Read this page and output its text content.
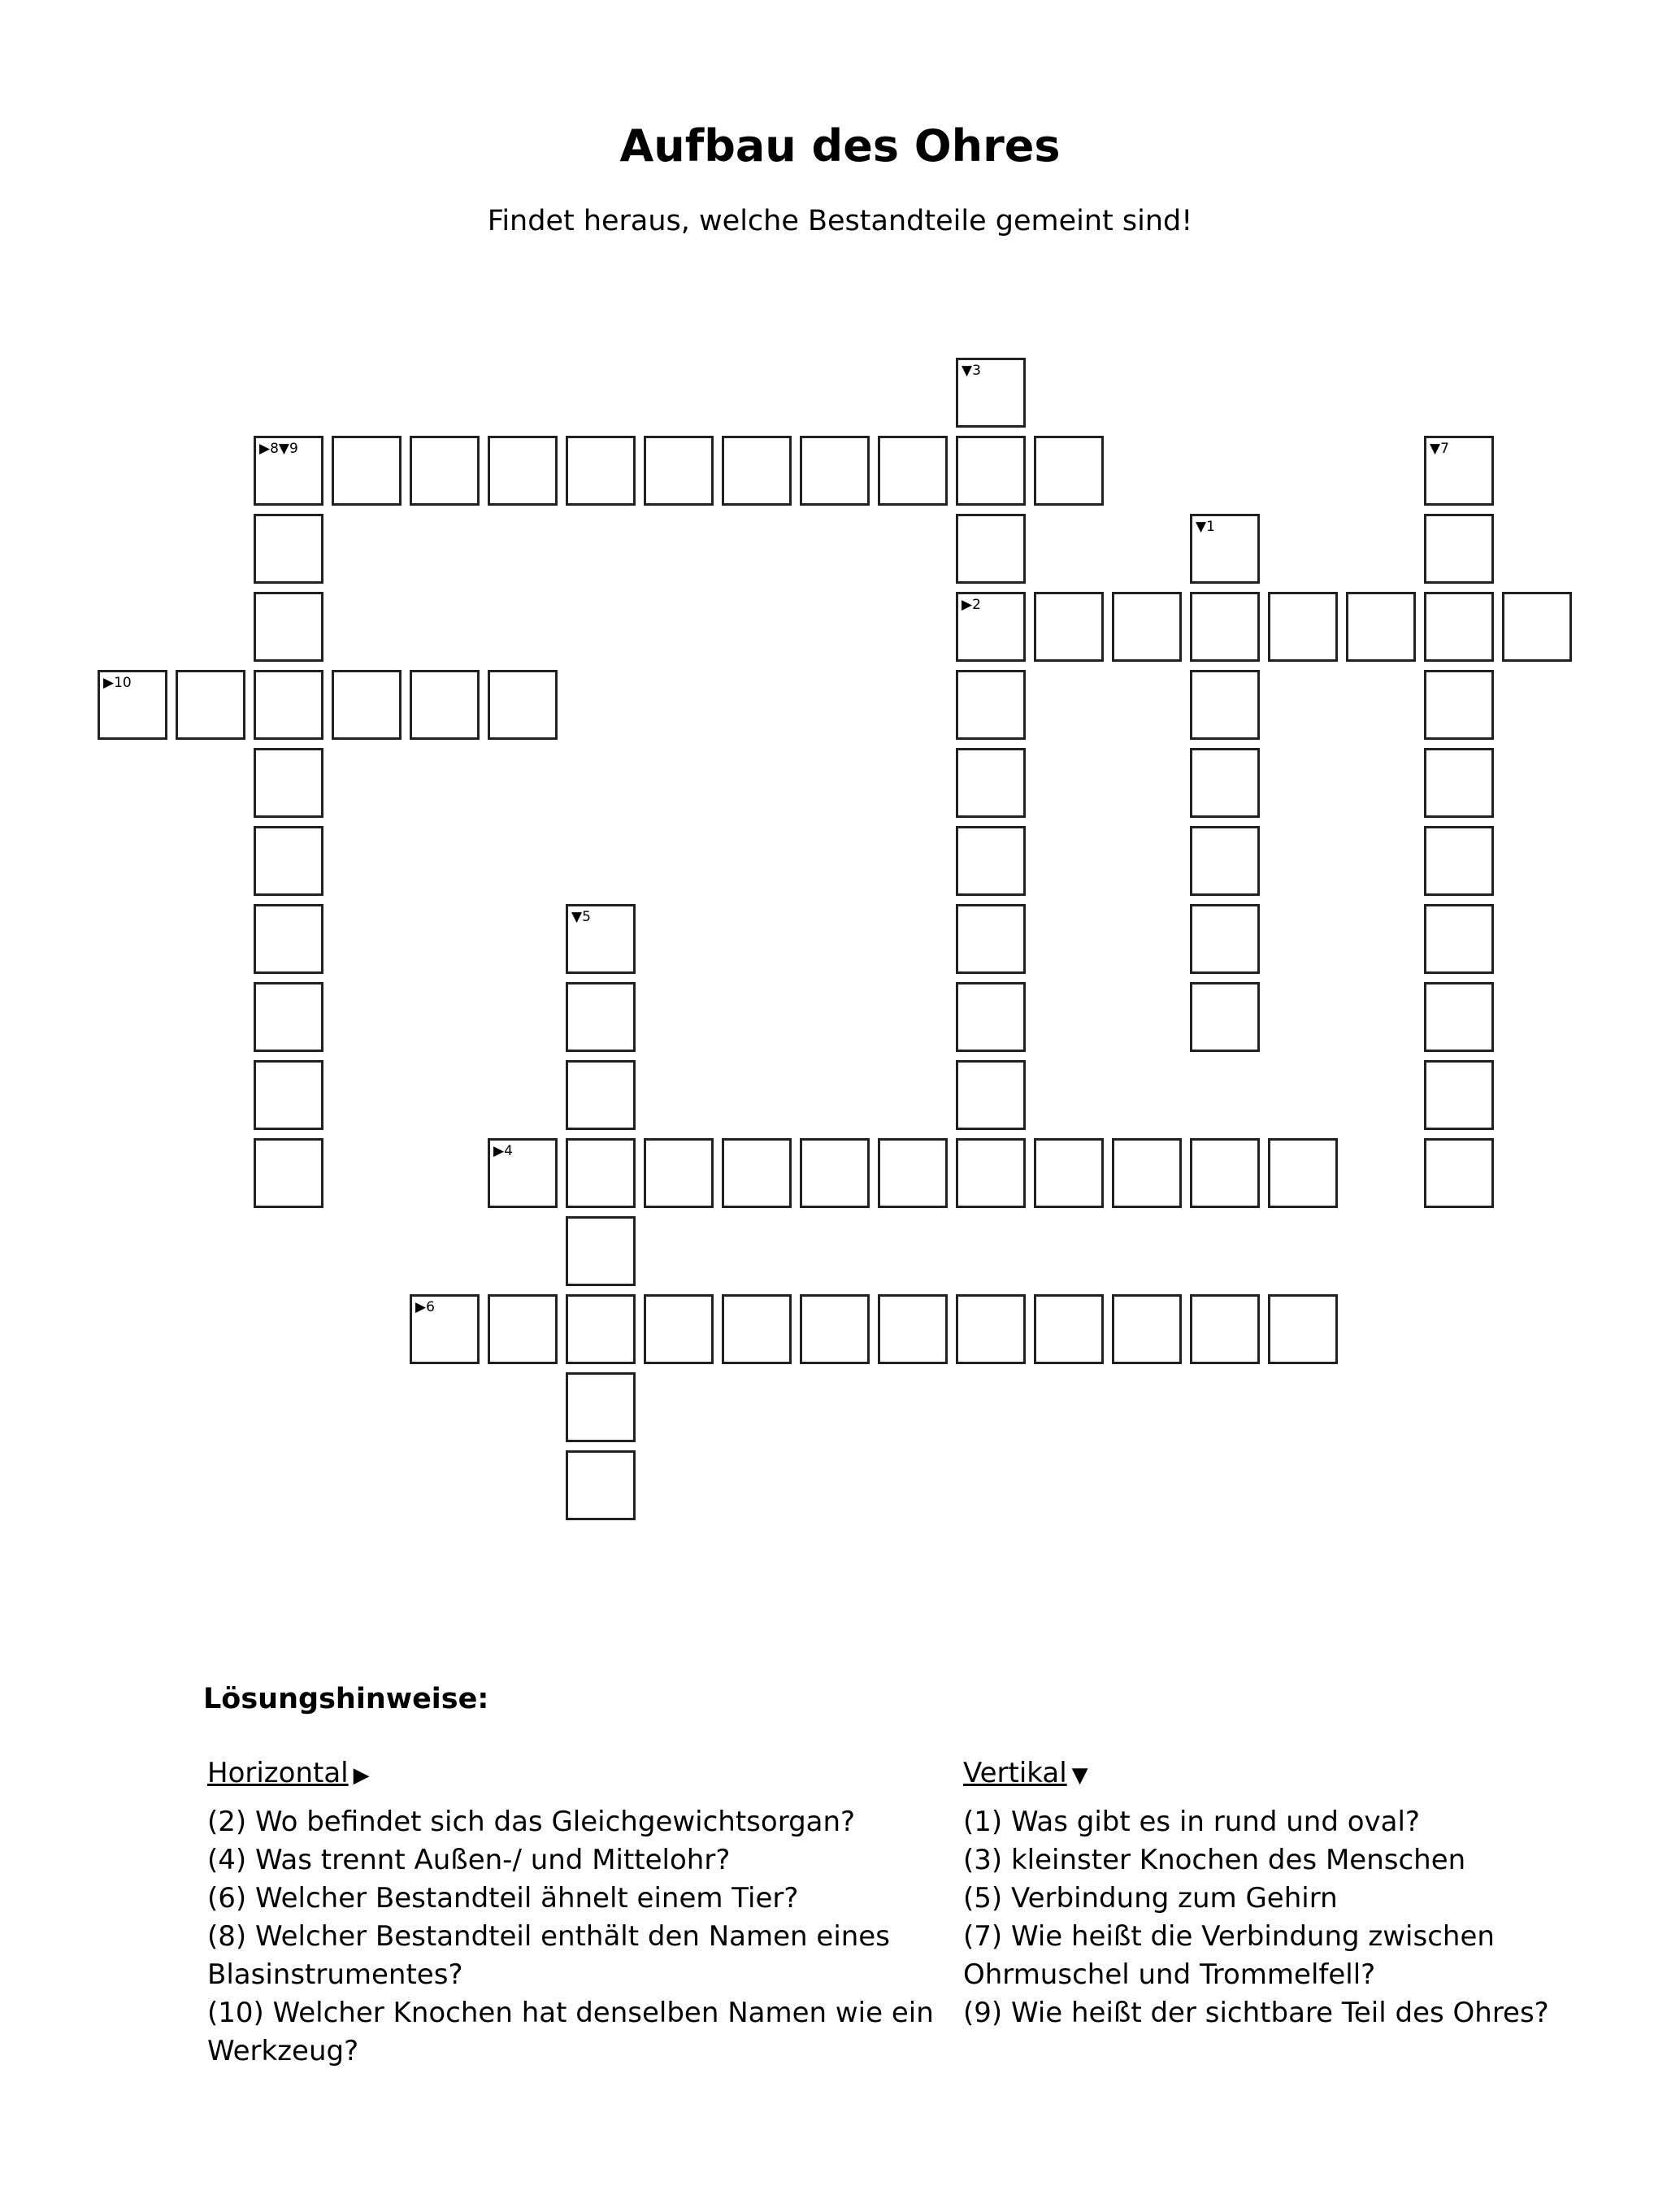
Aufbau des Ohres
Findet heraus, welche Bestandteile gemeint sind!
▼3
▶8▼9	▼7
▼1
▶2
▶10
▼5
▶4
▶6
Lösungshinweise:
Horizontal ▶

(2) Wo befindet sich das Gleichgewichtsorgan?

(4) Was trennt Außen-/ und Mittelohr?

(6) Welcher Bestandteil ähnelt einem Tier?

(8) Welcher Bestandteil enthält den Namen eines Blasinstrumentes?

(10) Welcher Knochen hat denselben Namen wie ein Werkzeug?

Vertikal ▼

(1) Was gibt es in rund und oval?

(3) kleinster Knochen des Menschen

(5) Verbindung zum Gehirn

(7) Wie heißt die Verbindung zwischen Ohrmuschel und Trommelfell?

(9) Wie heißt der sichtbare Teil des Ohres?
